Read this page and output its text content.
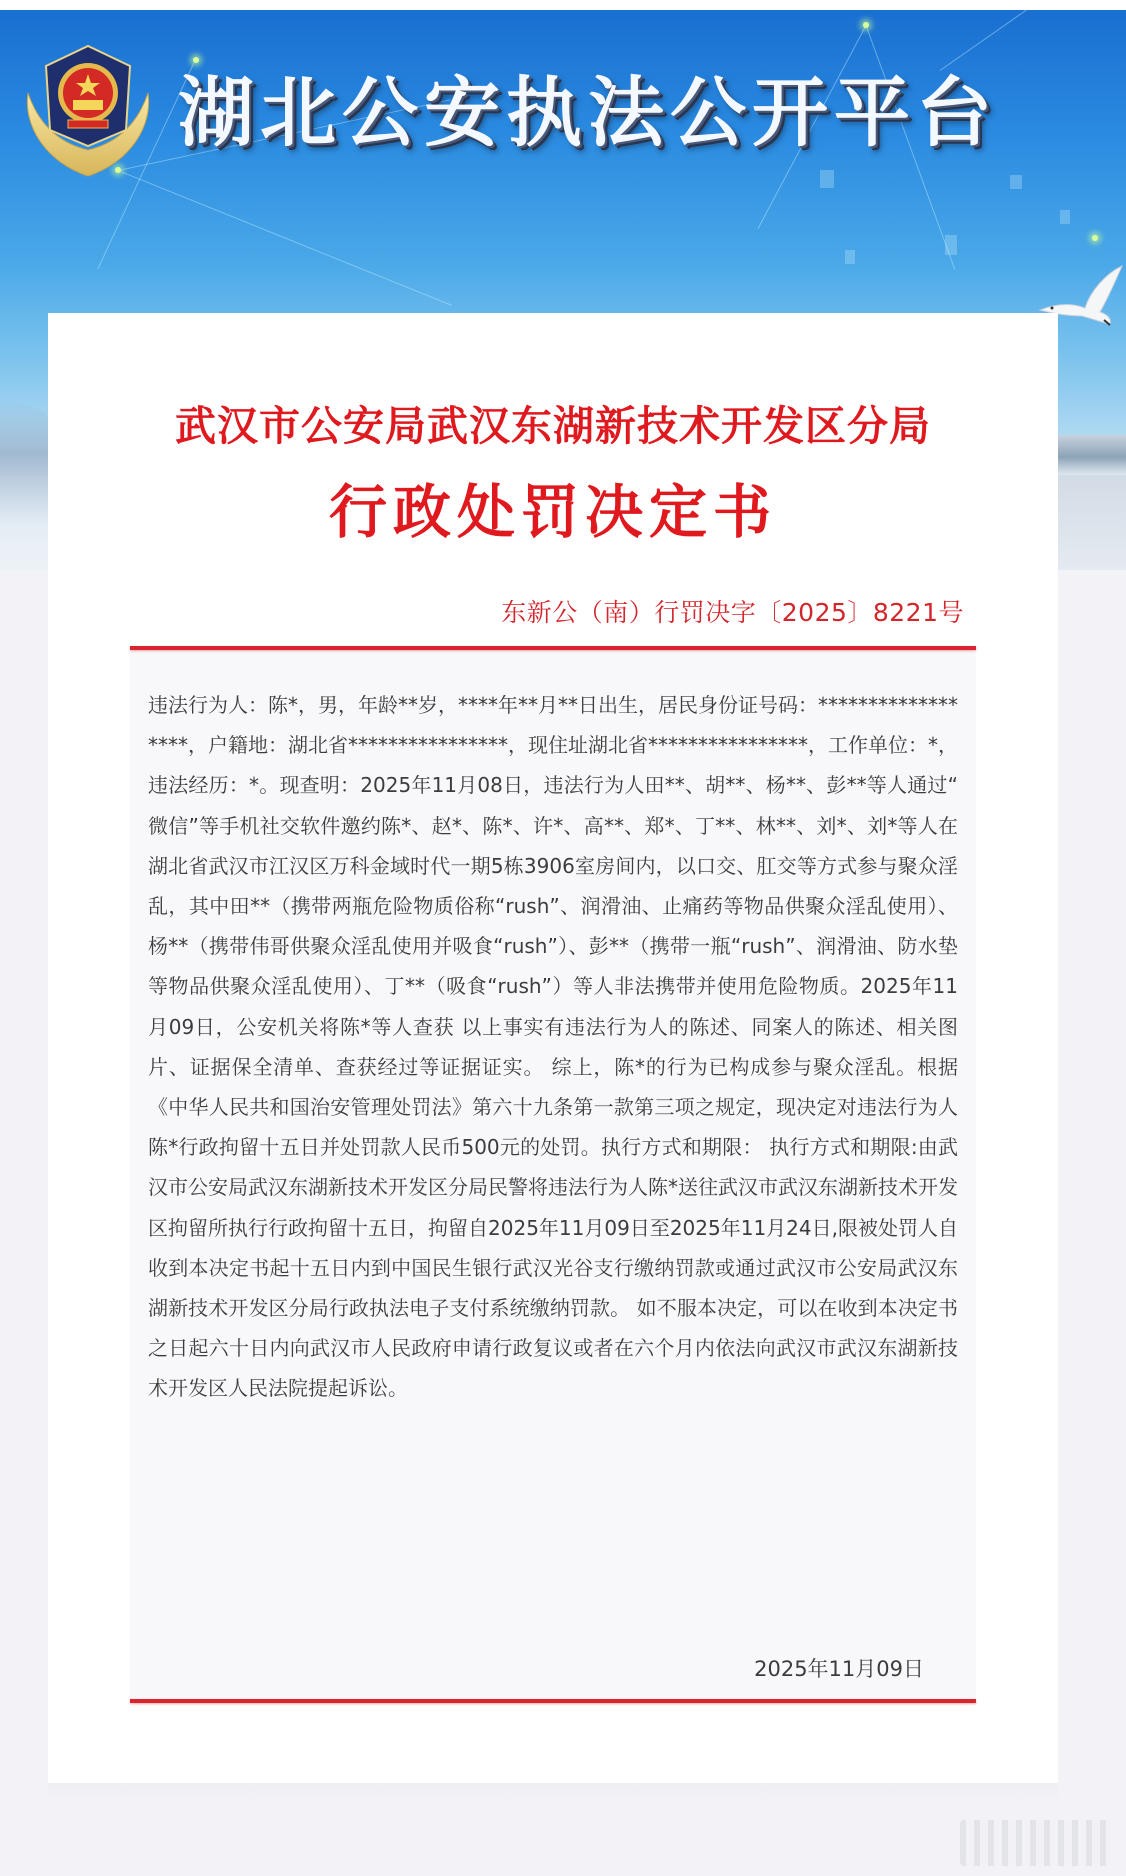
湖北公安执法公开平台
武汉市公安局武汉东湖新技术开发区分局
行政处罚决定书
东新公（南）行罚决字〔2025〕8221号
违法行为人：陈*，男，年龄**岁，****年**月**日出生，居民身份证号码：******************，户籍地：湖北省****************，现住址湖北省****************，工作单位：*，违法经历：*。现查明：2025年11月08日，违法行为人田**、胡**、杨**、彭**等人通过“ 微信”等手机社交软件邀约陈*、赵*、陈*、许*、高**、郑*、丁**、林**、刘*、刘*等人在湖北省武汉市江汉区万科金域时代一期5栋3906室房间内，以口交、肛交等方式参与聚众淫乱，其中田**（携带两瓶危险物质俗称“rush”、润滑油、止痛药等物品供聚众淫乱使用）、杨**（携带伟哥供聚众淫乱使用并吸食“rush”）、彭**（携带一瓶“rush”、润滑油、防水垫等物品供聚众淫乱使用）、丁**（吸食“rush”）等人非法携带并使用危险物质。2025年11月09日，公安机关将陈*等人查获 以上事实有违法行为人的陈述、同案人的陈述、相关图片、证据保全清单、查获经过等证据证实。 综上，陈*的行为已构成参与聚众淫乱。根据《中华人民共和国治安管理处罚法》第六十九条第一款第三项之规定，现决定对违法行为人陈*行政拘留十五日并处罚款人民币500元的处罚。执行方式和期限： 执行方式和期限:由武汉市公安局武汉东湖新技术开发区分局民警将违法行为人陈*送往武汉市武汉东湖新技术开发区拘留所执行行政拘留十五日，拘留自2025年11月09日至2025年11月24日,限被处罚人自收到本决定书起十五日内到中国民生银行武汉光谷支行缴纳罚款或通过武汉市公安局武汉东湖新技术开发区分局行政执法电子支付系统缴纳罚款。 如不服本决定，可以在收到本决定书之日起六十日内向武汉市人民政府申请行政复议或者在六个月内依法向武汉市武汉东湖新技术开发区人民法院提起诉讼。
2025年11月09日
